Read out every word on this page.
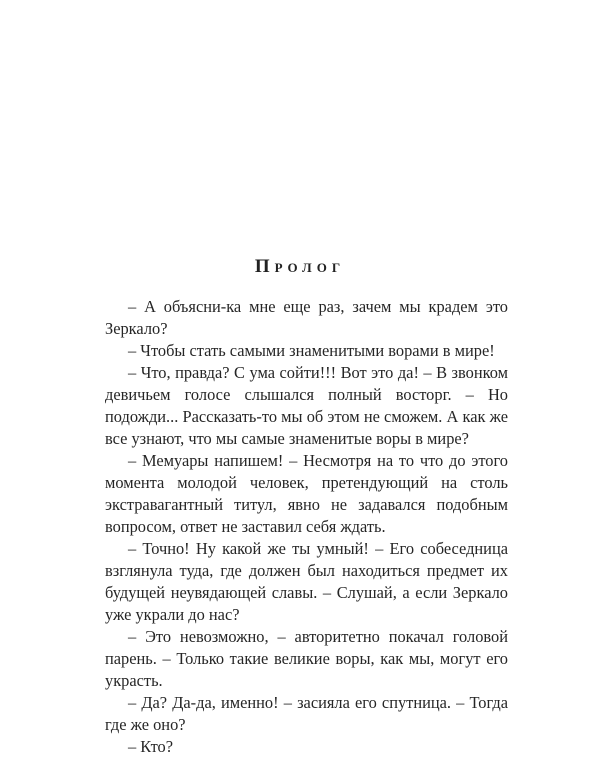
Пролог

– А объясни-ка мне еще раз, зачем мы крадем это Зеркало?

– Чтобы стать самыми знаменитыми ворами в мире!

– Что, правда? С ума сойти!!! Вот это да! – В звонком девичьем голосе слышался полный восторг. – Но подожди... Рассказать-то мы об этом не сможем. А как же все узнают, что мы самые знаменитые воры в мире?

– Мемуары напишем! – Несмотря на то что до этого момента молодой человек, претендующий на столь экстравагантный титул, явно не задавался подобным вопросом, ответ не заставил себя ждать.

– Точно! Ну какой же ты умный! – Его собеседница взглянула туда, где должен был находиться предмет их будущей неувядающей славы. – Слушай, а если Зеркало уже украли до нас?

– Это невозможно, – авторитетно покачал головой парень. – Только такие великие воры, как мы, могут его украсть.

– Да? Да-да, именно! – засияла его спутница. – Тогда где же оно?

– Кто?
